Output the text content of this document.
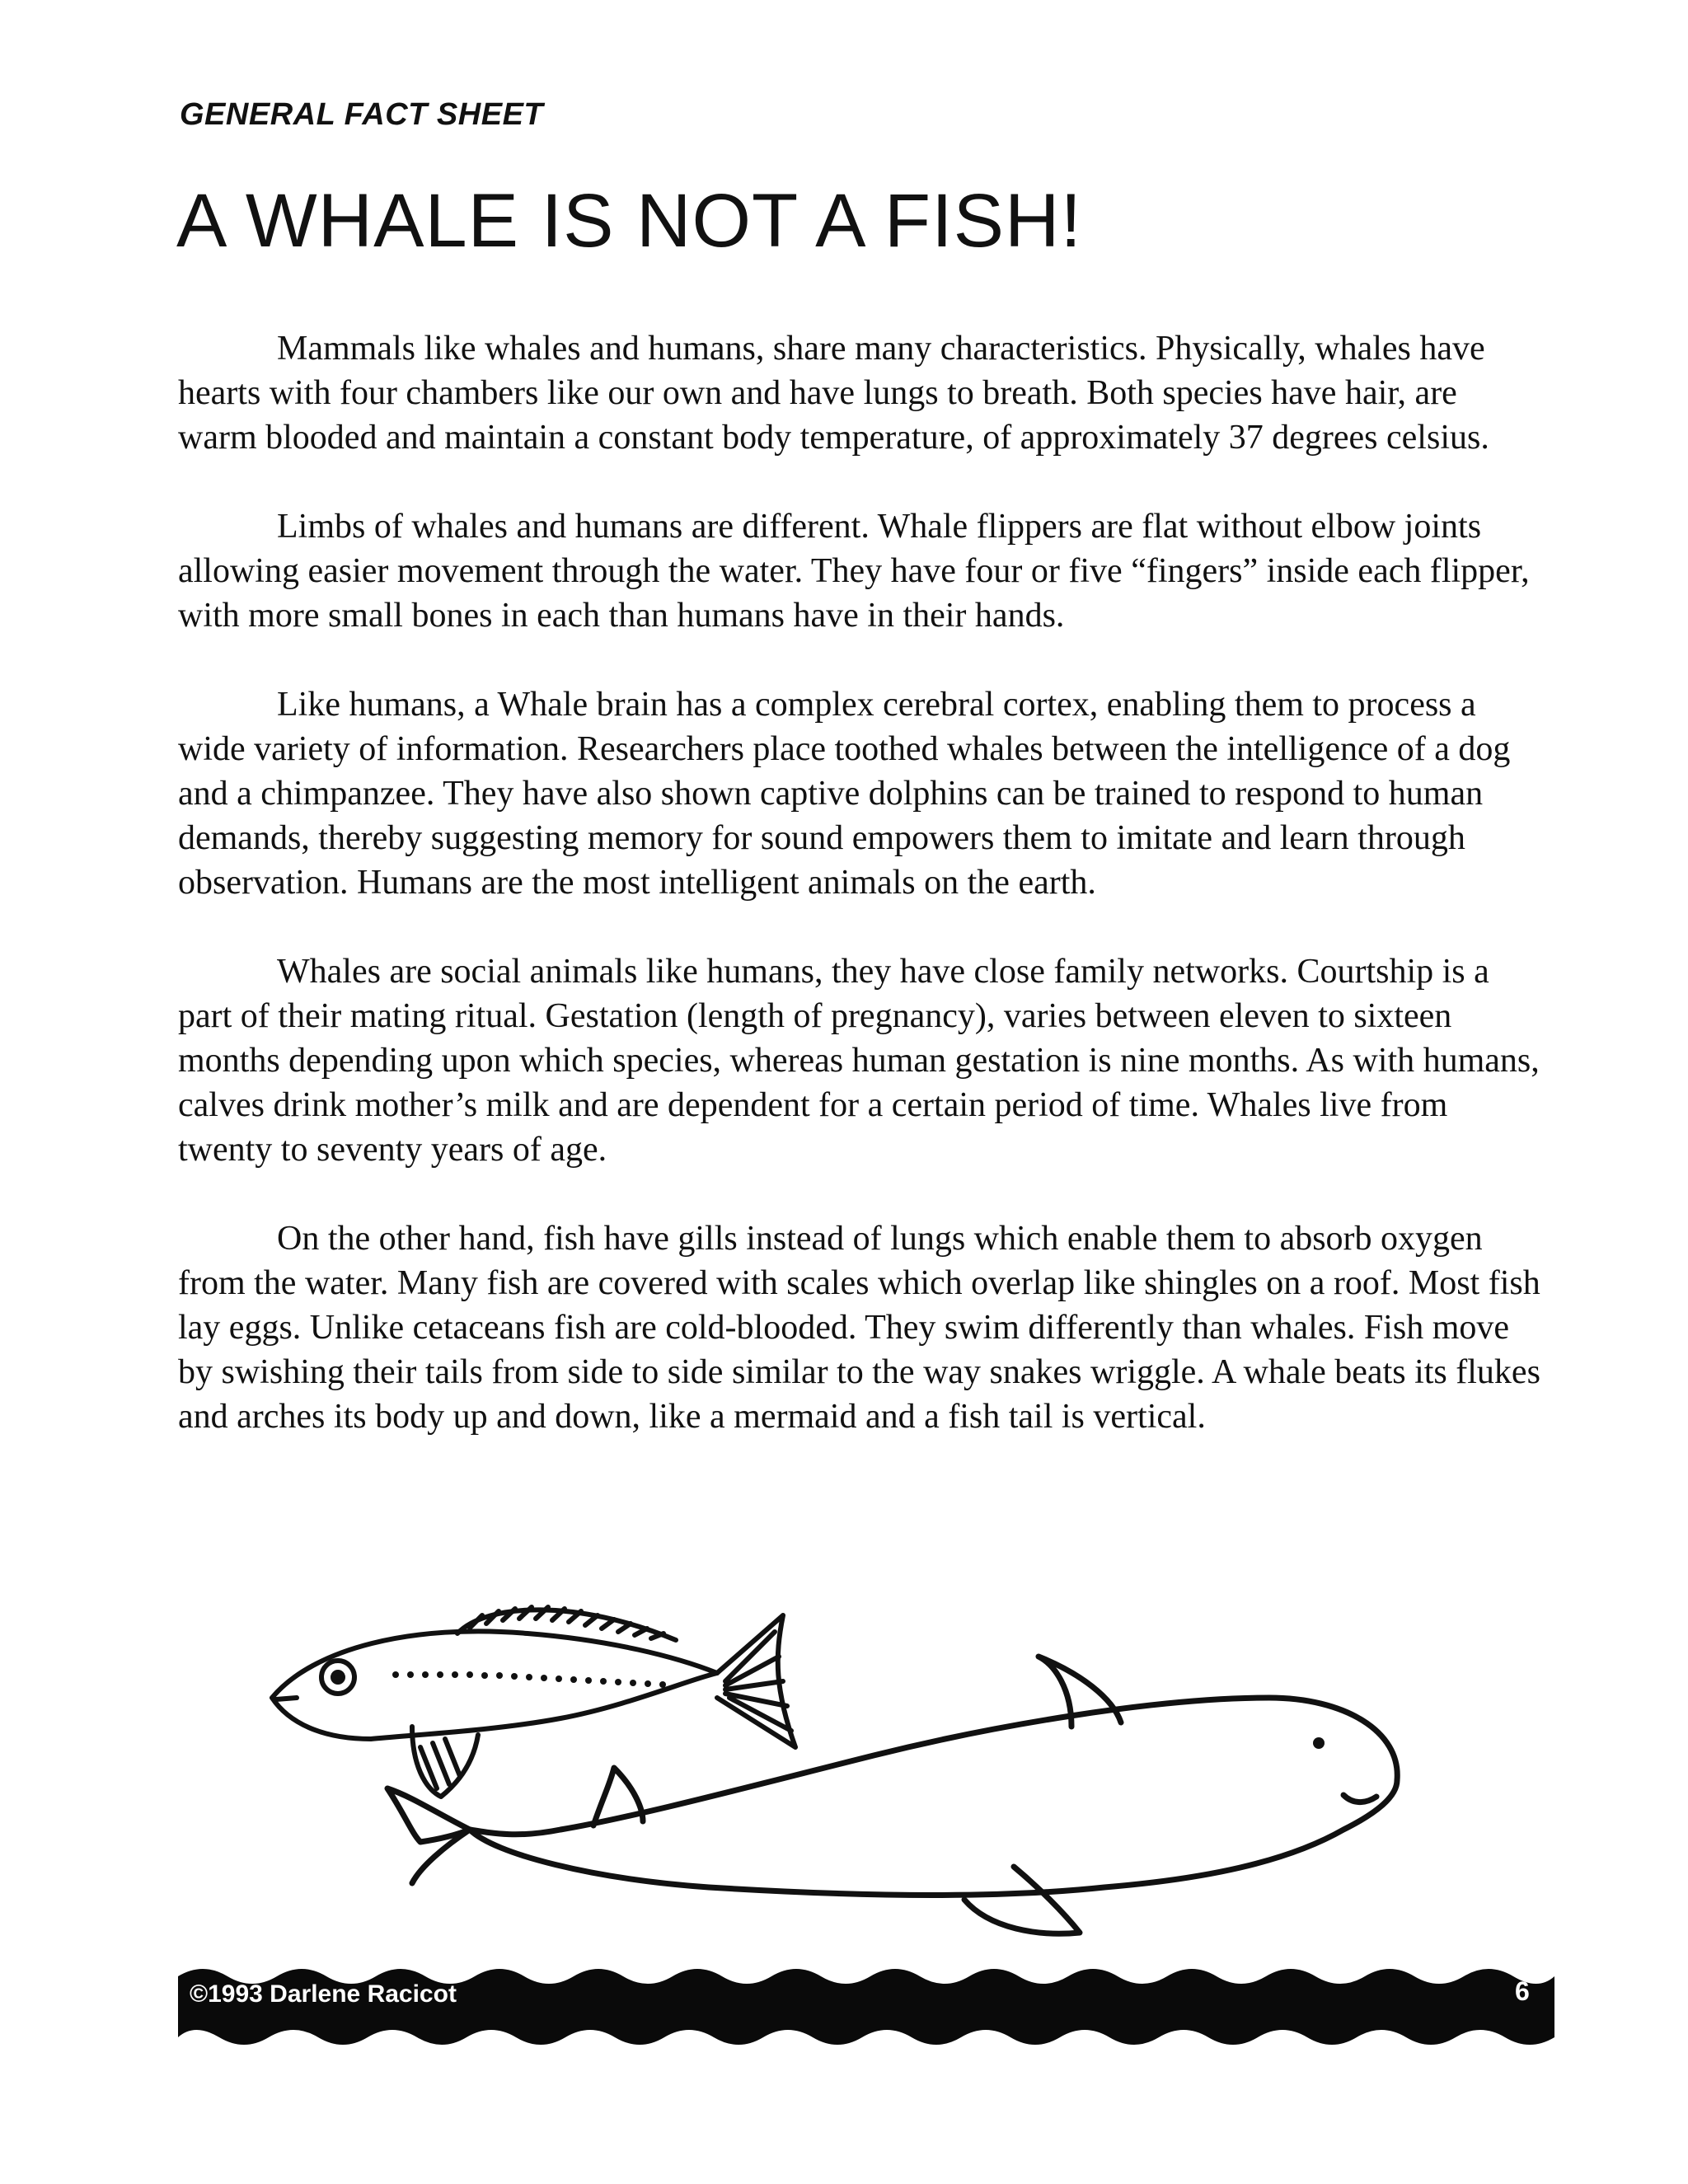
GENERAL FACT SHEET
A WHALE IS NOT A FISH!

Mammals like whales and humans, share many characteristics. Physically, whales have hearts with four chambers like our own and have lungs to breath. Both species have hair, are warm blooded and maintain a constant body temperature, of approximately 37 degrees celsius.

Limbs of whales and humans are different. Whale flippers are flat without elbow joints allowing easier movement through the water. They have four or five “fingers” inside each flipper, with more small bones in each than humans have in their hands.

Like humans, a Whale brain has a complex cerebral cortex, enabling them to process a wide variety of information. Researchers place toothed whales between the intelligence of a dog and a chimpanzee. They have also shown captive dolphins can be trained to respond to human demands, thereby suggesting memory for sound empowers them to imitate and learn through observation. Humans are the most intelligent animals on the earth.

Whales are social animals like humans, they have close family networks. Courtship is a part of their mating ritual. Gestation (length of pregnancy), varies between eleven to sixteen months depending upon which species, whereas human gestation is nine months. As with humans, calves drink mother’s milk and are dependent for a certain period of time. Whales live from twenty to seventy years of age.

On the other hand, fish have gills instead of lungs which enable them to absorb oxygen from the water. Many fish are covered with scales which overlap like shingles on a roof. Most fish lay eggs. Unlike cetaceans fish are cold-blooded. They swim differently than whales. Fish move by swishing their tails from side to side similar to the way snakes wriggle. A whale beats its flukes and arches its body up and down, like a mermaid and a fish tail is vertical.

©1993 Darlene Racicot	6
